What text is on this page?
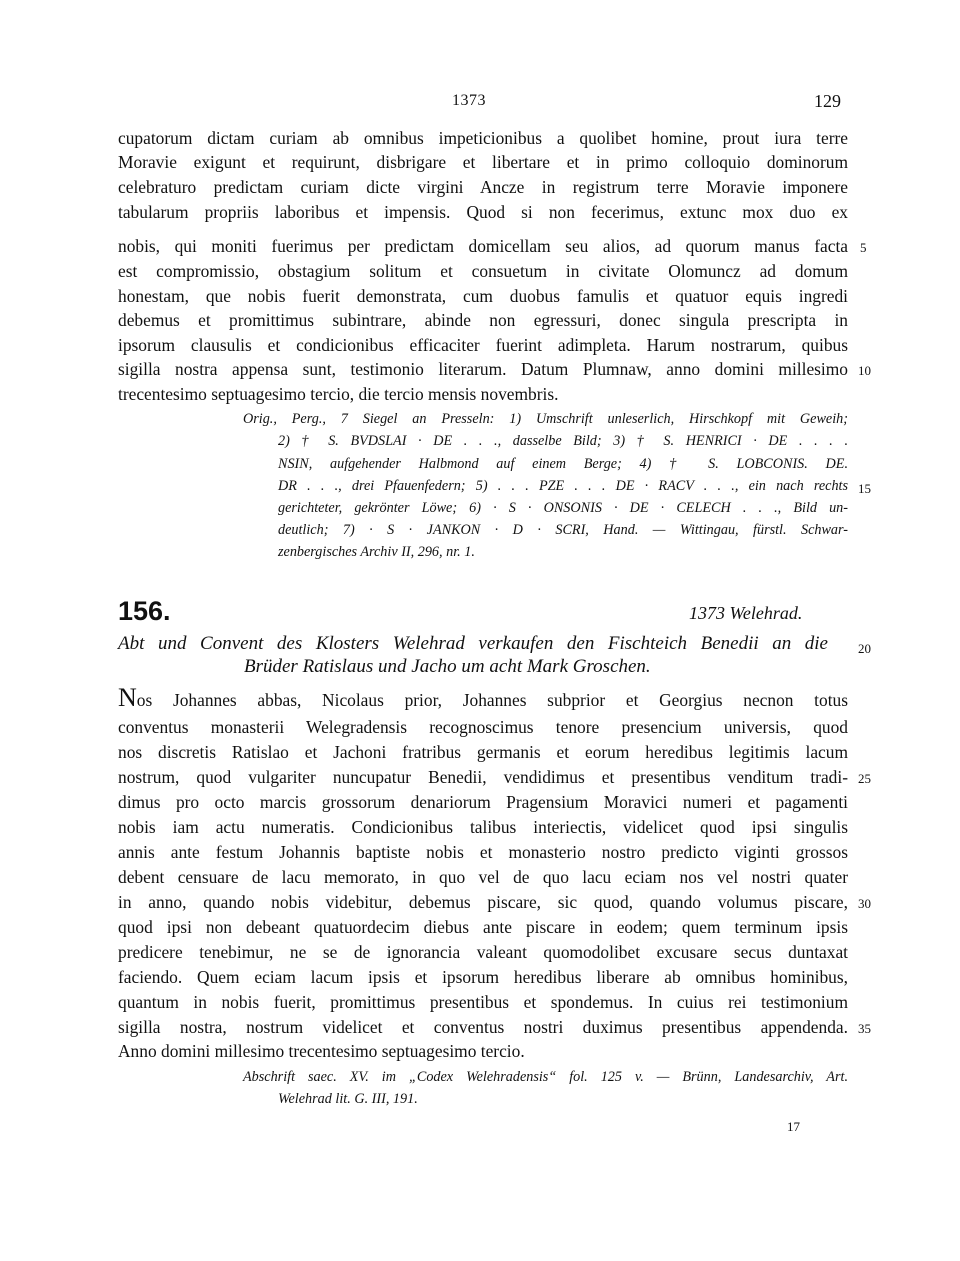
1373	129
cupatorum dictam curiam ab omnibus impeticionibus a quolibet homine, prout iura terre
Moravie exigunt et requirunt, disbrigare et libertare et in primo colloquio dominorum
celebraturo predictam curiam dicte virgini Ancze in registrum terre Moravie imponere
tabularum propriis laboribus et impensis. Quod si non fecerimus, extunc mox duo ex
nobis, qui moniti fuerimus per predictam domicellam seu alios, ad quorum manus facta
est compromissio, obstagium solitum et consuetum in civitate Olomuncz ad domum
honestam, que nobis fuerit demonstrata, cum duobus famulis et quatuor equis ingredi
debemus et promittimus subintrare, abinde non egressuri, donec singula prescripta in
ipsorum clausulis et condicionibus efficaciter fuerint adimpleta. Harum nostrarum, quibus
sigilla nostra appensa sunt, testimonio literarum. Datum Plumnaw, anno domini millesimo
trecentesimo septuagesimo tercio, die tercio mensis novembris.
5
10
Orig., Perg., 7 Siegel an Presseln: 1) Umschrift unleserlich, Hirschkopf mit Geweih;
2) † S. BVDSLAI · DE . . ., dasselbe Bild; 3) † S. HENRICI · DE . . . .
NSIN, aufgehender Halbmond auf einem Berge; 4) † S. LOBCONIS. DE.
DR . . ., drei Pfauenfedern; 5) . . . PZE . . . DE · RACV . . ., ein nach rechts
gerichteter, gekrönter Löwe; 6) · S · ONSONIS · DE · CELECH . . ., Bild un-
deutlich; 7) · S · JANKON · D · SCRI, Hand. — Wittingau, fürstl. Schwar-
zenbergisches Archiv II, 296, nr. 1.
15
156.	1373 Welehrad.
Abt und Convent des Klosters Welehrad verkaufen den Fischteich Benedii an die
Brüder Ratislaus und Jacho um acht Mark Groschen.
20
Nos Johannes abbas, Nicolaus prior, Johannes subprior et Georgius necnon totus
conventus monasterii Welegradensis recognoscimus tenore presencium universis, quod
nos discretis Ratislao et Jachoni fratribus germanis et eorum heredibus legitimis lacum
nostrum, quod vulgariter nuncupatur Benedii, vendidimus et presentibus venditum tradi-
dimus pro octo marcis grossorum denariorum Pragensium Moravici numeri et pagamenti
nobis iam actu numeratis. Condicionibus talibus interiectis, videlicet quod ipsi singulis
annis ante festum Johannis baptiste nobis et monasterio nostro predicto viginti grossos
debent censuare de lacu memorato, in quo vel de quo lacu eciam nos vel nostri quater
in anno, quando nobis videbitur, debemus piscare, sic quod, quando volumus piscare,
quod ipsi non debeant quatuordecim diebus ante piscare in eodem; quem terminum ipsis
predicere tenebimur, ne se de ignorancia valeant quomodolibet excusare secus duntaxat
faciendo. Quem eciam lacum ipsis et ipsorum heredibus liberare ab omnibus hominibus,
quantum in nobis fuerit, promittimus presentibus et spondemus. In cuius rei testimonium
sigilla nostra, nostrum videlicet et conventus nostri duximus presentibus appendenda.
Anno domini millesimo trecentesimo septuagesimo tercio.
25
30
35
Abschrift saec. XV. im „Codex Welehradensis“ fol. 125 v. — Brünn, Landesarchiv, Art.
Welehrad lit. G. III, 191.
17
